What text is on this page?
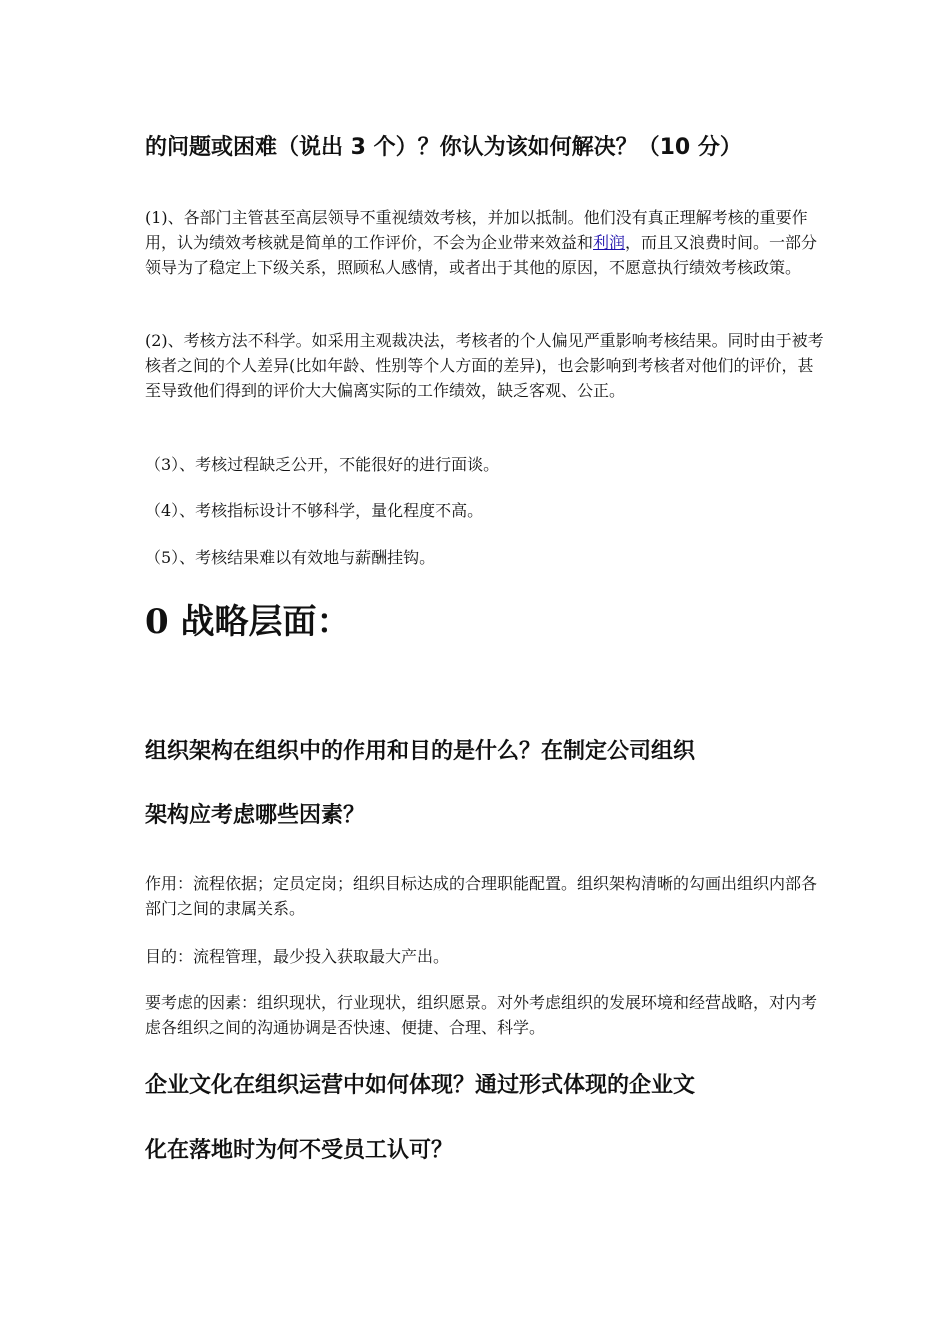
的问题或困难（说出 3 个）？你认为该如何解决？（10 分）

(1)、各部门主管甚至高层领导不重视绩效考核，并加以抵制。他们没有真正理解考核的重要作用，认为绩效考核就是简单的工作评价，不会为企业带来效益和利润，而且又浪费时间。一部分领导为了稳定上下级关系，照顾私人感情，或者出于其他的原因，不愿意执行绩效考核政策。

(2)、考核方法不科学。如采用主观裁决法，考核者的个人偏见严重影响考核结果。同时由于被考核者之间的个人差异(比如年龄、性别等个人方面的差异)，也会影响到考核者对他们的评价，甚至导致他们得到的评价大大偏离实际的工作绩效，缺乏客观、公正。

（3）、考核过程缺乏公开，不能很好的进行面谈。

（4）、考核指标设计不够科学，量化程度不高。

（5）、考核结果难以有效地与薪酬挂钩。

0 战略层面：
组织架构在组织中的作用和目的是什么？在制定公司组织
架构应考虑哪些因素？

作用：流程依据；定员定岗；组织目标达成的合理职能配置。组织架构清晰的勾画出组织内部各部门之间的隶属关系。

目的：流程管理，最少投入获取最大产出。

要考虑的因素：组织现状，行业现状，组织愿景。对外考虑组织的发展环境和经营战略，对内考虑各组织之间的沟通协调是否快速、便捷、合理、科学。

企业文化在组织运营中如何体现？通过形式体现的企业文
化在落地时为何不受员工认可？
